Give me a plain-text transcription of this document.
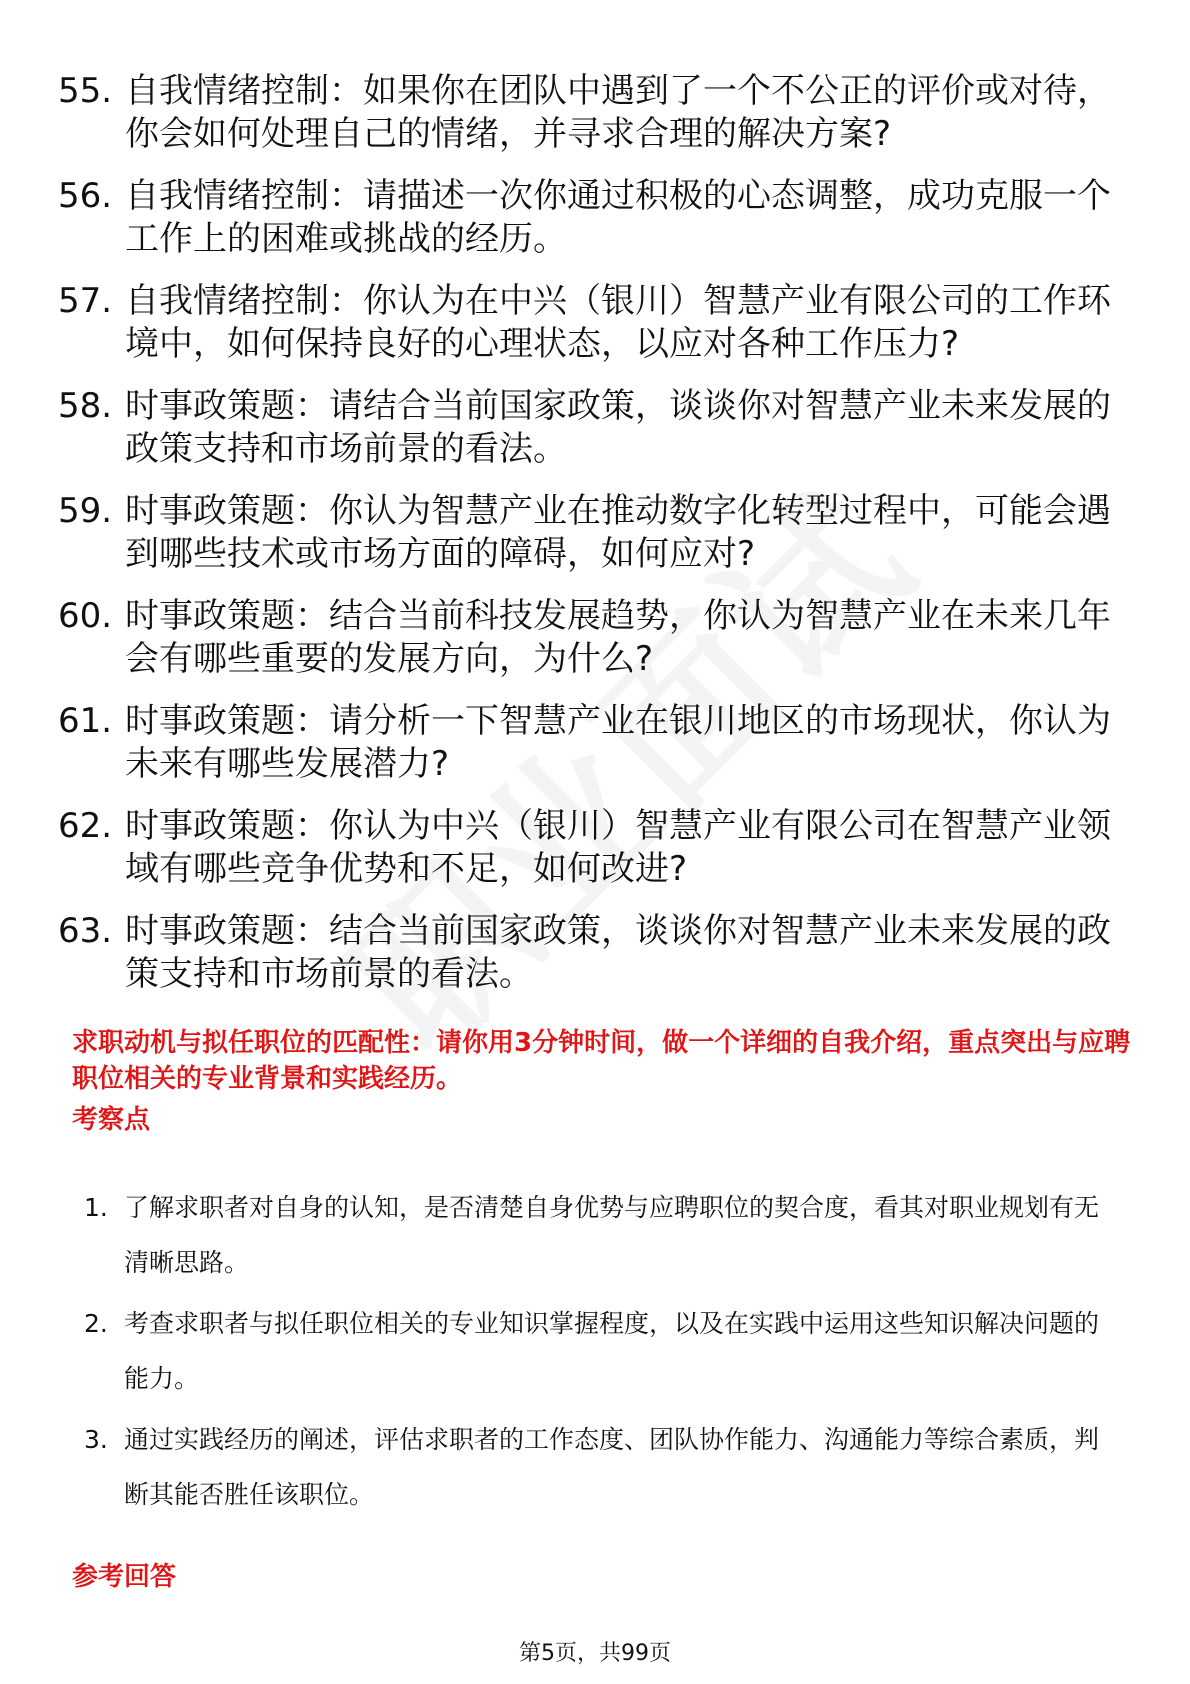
55. 自我情绪控制：如果你在团队中遇到了一个不公正的评价或对待，你会如何处理自己的情绪，并寻求合理的解决方案?
56. 自我情绪控制：请描述一次你通过积极的心态调整，成功克服一个工作上的困难或挑战的经历。
57. 自我情绪控制：你认为在中兴（银川）智慧产业有限公司的工作环境中，如何保持良好的心理状态，以应对各种工作压力?
58. 时事政策题：请结合当前国家政策，谈谈你对智慧产业未来发展的政策支持和市场前景的看法。
59. 时事政策题：你认为智慧产业在推动数字化转型过程中，可能会遇到哪些技术或市场方面的障碍，如何应对?
60. 时事政策题：结合当前科技发展趋势，你认为智慧产业在未来几年会有哪些重要的发展方向，为什么?
61. 时事政策题：请分析一下智慧产业在银川地区的市场现状，你认为未来有哪些发展潜力?
62. 时事政策题：你认为中兴（银川）智慧产业有限公司在智慧产业领域有哪些竞争优势和不足，如何改进?
63. 时事政策题：结合当前国家政策，谈谈你对智慧产业未来发展的政策支持和市场前景的看法。
求职动机与拟任职位的匹配性：请你用3分钟时间，做一个详细的自我介绍，重点突出与应聘职位相关的专业背景和实践经历。
考察点
1. 了解求职者对自身的认知，是否清楚自身优势与应聘职位的契合度，看其对职业规划有无清晰思路。
2. 考查求职者与拟任职位相关的专业知识掌握程度，以及在实践中运用这些知识解决问题的能力。
3. 通过实践经历的阐述，评估求职者的工作态度、团队协作能力、沟通能力等综合素质，判断其能否胜任该职位。
参考回答
第5页，共99页
